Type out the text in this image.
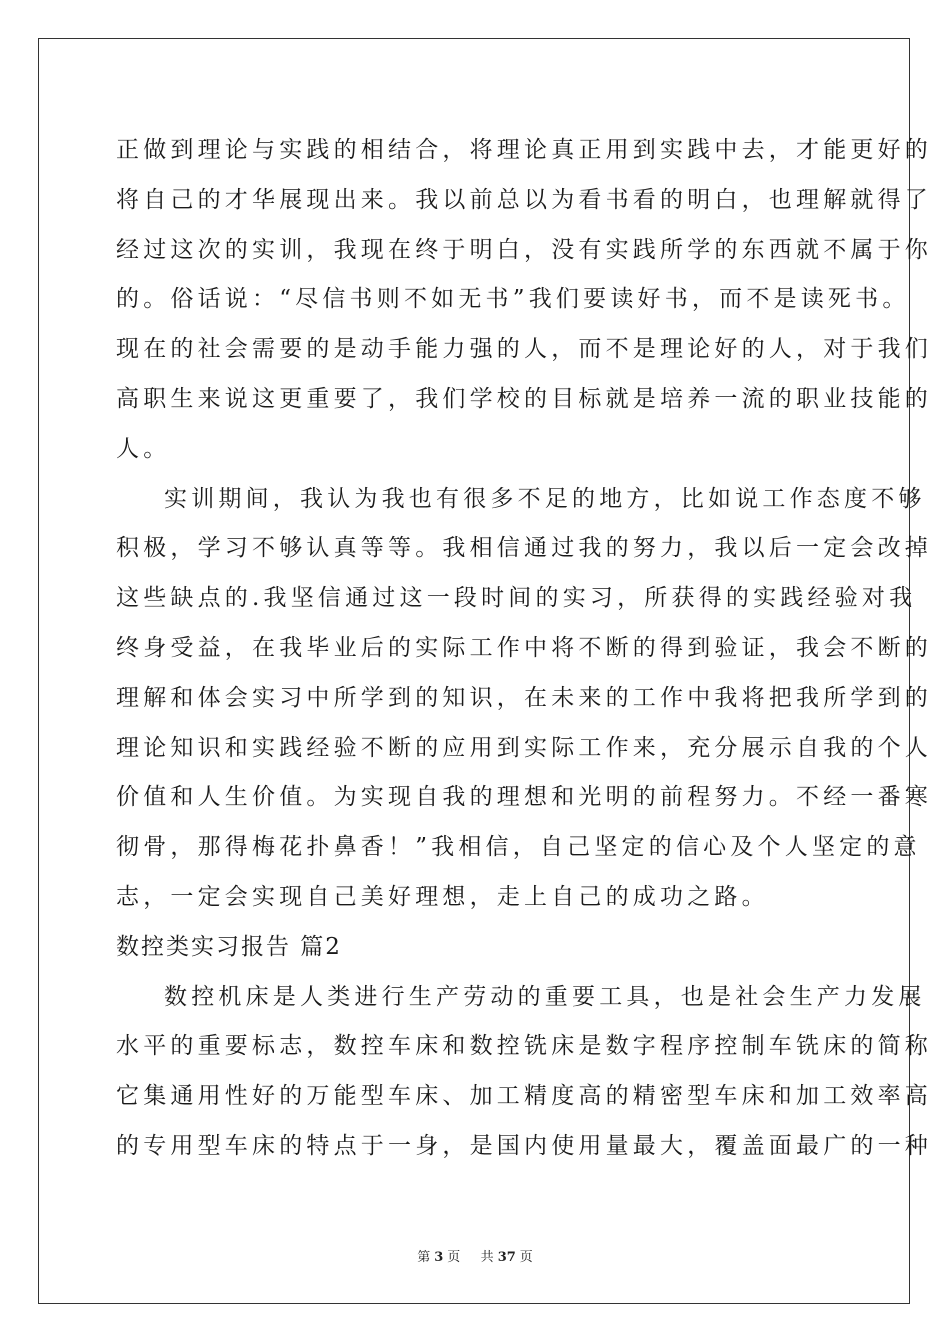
正做到理论与实践的相结合，将理论真正用到实践中去，才能更好的
将自己的才华展现出来。我以前总以为看书看的明白，也理解就得了
经过这次的实训，我现在终于明白，没有实践所学的东西就不属于你
的。俗话说：“尽信书则不如无书”我们要读好书，而不是读死书。
现在的社会需要的是动手能力强的人，而不是理论好的人，对于我们
高职生来说这更重要了，我们学校的目标就是培养一流的职业技能的
人。
实训期间，我认为我也有很多不足的地方，比如说工作态度不够
积极，学习不够认真等等。我相信通过我的努力，我以后一定会改掉
这些缺点的.我坚信通过这一段时间的实习，所获得的实践经验对我
终身受益，在我毕业后的实际工作中将不断的得到验证，我会不断的
理解和体会实习中所学到的知识，在未来的工作中我将把我所学到的
理论知识和实践经验不断的应用到实际工作来，充分展示自我的个人
价值和人生价值。为实现自我的理想和光明的前程努力。不经一番寒
彻骨，那得梅花扑鼻香！”我相信，自己坚定的信心及个人坚定的意
志，一定会实现自己美好理想，走上自己的成功之路。
数控类实习报告 篇2
数控机床是人类进行生产劳动的重要工具，也是社会生产力发展
水平的重要标志，数控车床和数控铣床是数字程序控制车铣床的简称
它集通用性好的万能型车床、加工精度高的精密型车床和加工效率高
的专用型车床的特点于一身，是国内使用量最大，覆盖面最广的一种
第 3 页 共 37 页
